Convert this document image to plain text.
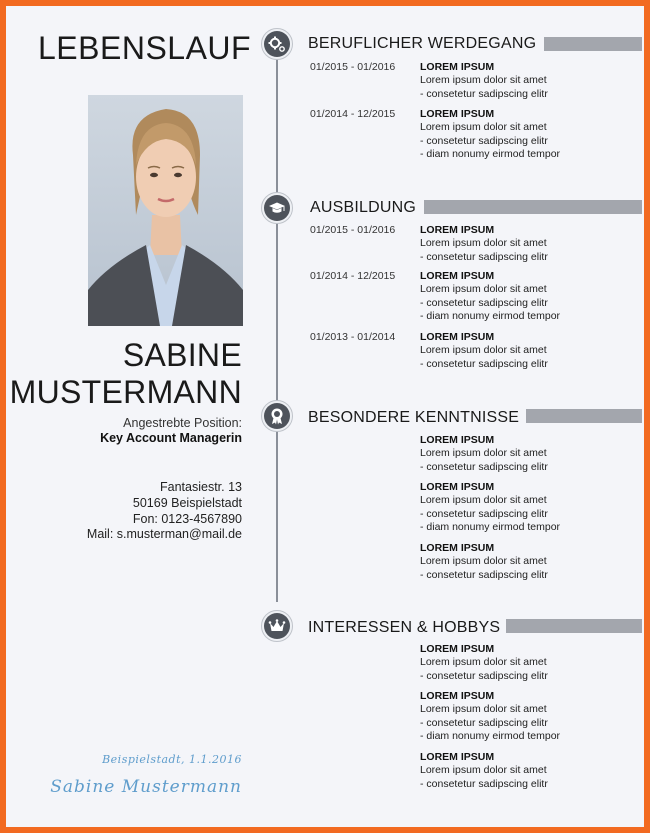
LEBENSLAUF
SABINE
MUSTERMANN
Angestrebte Position:
Key Account Managerin
Fantasiestr. 13
50169 Beispielstadt
Fon: 0123-4567890
Mail: s.musterman@mail.de
Beispielstadt, 1.1.2016
Sabine Mustermann
BERUFLICHER WERDEGANG
01/2015 - 01/2016	LOREM IPSUM
Lorem ipsum dolor sit amet
- consetetur sadipscing elitr
01/2014 - 12/2015	LOREM IPSUM
Lorem ipsum dolor sit amet
- consetetur sadipscing elitr
- diam nonumy eirmod tempor
AUSBILDUNG
01/2015 - 01/2016	LOREM IPSUM
Lorem ipsum dolor sit amet
- consetetur sadipscing elitr
01/2014 - 12/2015	LOREM IPSUM
Lorem ipsum dolor sit amet
- consetetur sadipscing elitr
- diam nonumy eirmod tempor
01/2013 - 01/2014	LOREM IPSUM
Lorem ipsum dolor sit amet
- consetetur sadipscing elitr
BESONDERE KENNTNISSE
LOREM IPSUM
Lorem ipsum dolor sit amet
- consetetur sadipscing elitr
LOREM IPSUM
Lorem ipsum dolor sit amet
- consetetur sadipscing elitr
- diam nonumy eirmod tempor
LOREM IPSUM
Lorem ipsum dolor sit amet
- consetetur sadipscing elitr
INTERESSEN & HOBBYS
LOREM IPSUM
Lorem ipsum dolor sit amet
- consetetur sadipscing elitr
LOREM IPSUM
Lorem ipsum dolor sit amet
- consetetur sadipscing elitr
- diam nonumy eirmod tempor
LOREM IPSUM
Lorem ipsum dolor sit amet
- consetetur sadipscing elitr
